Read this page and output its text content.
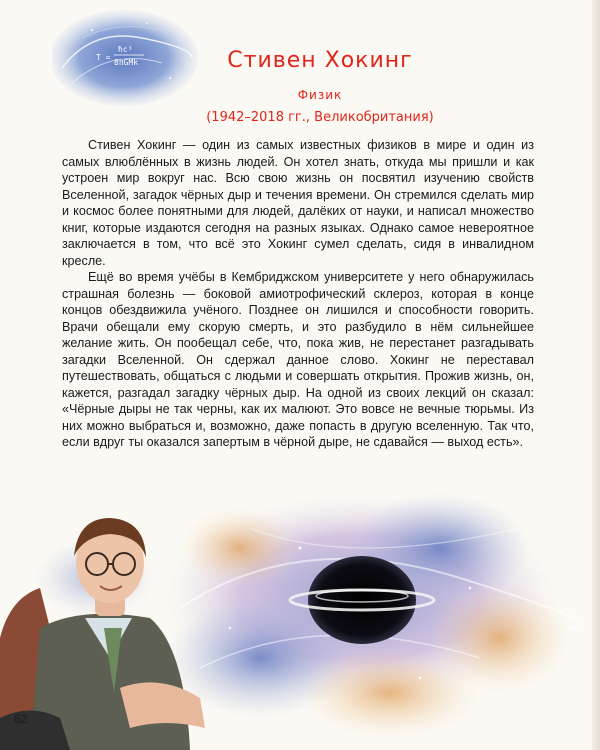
T =
ħc³
8πGMk	Стивен Хокинг
Физик
(1942–2018 гг., Великобритания)

Стивен Хокинг — один из самых известных физиков в мире и один из самых влюблённых в жизнь людей. Он хотел знать, откуда мы пришли и как устроен мир вокруг нас. Всю свою жизнь он посвятил изучению свойств Вселенной, загадок чёрных дыр и течения времени. Он стремился сделать мир и космос более понятными для людей, далёких от науки, и написал множество книг, которые издаются сегодня на разных языках. Однако самое невероятное заключается в том, что всё это Хокинг сумел сделать, сидя в инвалидном кресле.

Ещё во время учёбы в Кембриджском университете у него обнаружилась страшная болезнь — боковой амиотрофический склероз, которая в конце концов обездвижила учёного. Позднее он лишился и способности говорить. Врачи обещали ему скорую смерть, и это разбудило в нём сильнейшее желание жить. Он пообещал себе, что, пока жив, не перестанет разгадывать загадки Вселенной. Он сдержал данное слово. Хокинг не переставал путешествовать, общаться с людьми и совершать открытия. Прожив жизнь, он, кажется, разгадал загадку чёрных дыр. На одной из своих лекций он сказал: «Чёрные дыры не так черны, как их малюют. Это вовсе не вечные тюрьмы. Из них можно выбраться и, возможно, даже попасть в другую вселенную. Так что, если вдруг ты оказался запертым в чёрной дыре, не сдавайся — выход есть».

62
